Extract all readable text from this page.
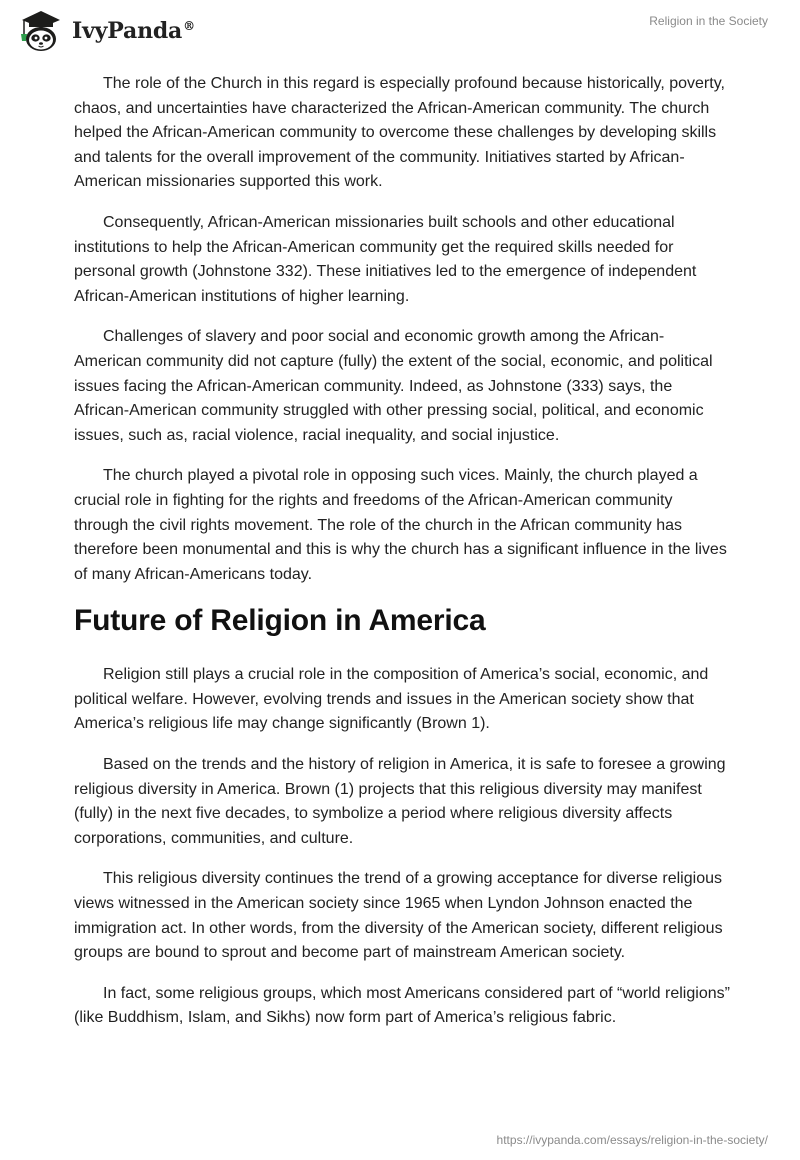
IvyPanda®	Religion in the Society

The role of the Church in this regard is especially profound because historically, poverty, chaos, and uncertainties have characterized the African-American community. The church helped the African-American community to overcome these challenges by developing skills and talents for the overall improvement of the community. Initiatives started by African-American missionaries supported this work.

Consequently, African-American missionaries built schools and other educational institutions to help the African-American community get the required skills needed for personal growth (Johnstone 332). These initiatives led to the emergence of independent African-American institutions of higher learning.

Challenges of slavery and poor social and economic growth among the African-American community did not capture (fully) the extent of the social, economic, and political issues facing the African-American community. Indeed, as Johnstone (333) says, the African-American community struggled with other pressing social, political, and economic issues, such as, racial violence, racial inequality, and social injustice.

The church played a pivotal role in opposing such vices. Mainly, the church played a crucial role in fighting for the rights and freedoms of the African-American community through the civil rights movement. The role of the church in the African community has therefore been monumental and this is why the church has a significant influence in the lives of many African-Americans today.

Future of Religion in America

Religion still plays a crucial role in the composition of America’s social, economic, and political welfare. However, evolving trends and issues in the American society show that America’s religious life may change significantly (Brown 1).

Based on the trends and the history of religion in America, it is safe to foresee a growing religious diversity in America. Brown (1) projects that this religious diversity may manifest (fully) in the next five decades, to symbolize a period where religious diversity affects corporations, communities, and culture.

This religious diversity continues the trend of a growing acceptance for diverse religious views witnessed in the American society since 1965 when Lyndon Johnson enacted the immigration act. In other words, from the diversity of the American society, different religious groups are bound to sprout and become part of mainstream American society.

In fact, some religious groups, which most Americans considered part of “world religions” (like Buddhism, Islam, and Sikhs) now form part of America’s religious fabric.

https://ivypanda.com/essays/religion-in-the-society/
